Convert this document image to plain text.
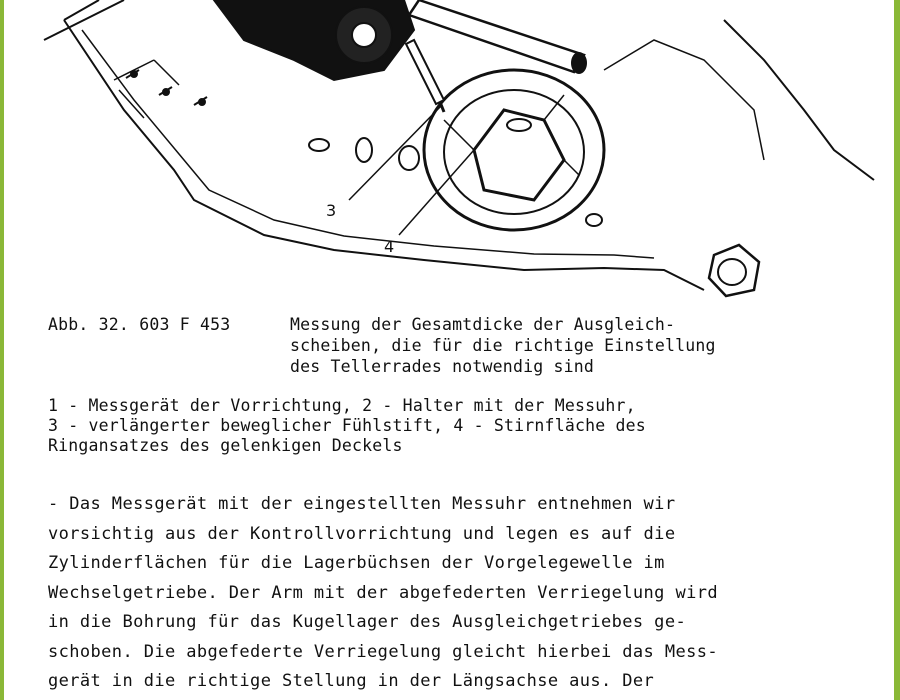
3
4
Abb. 32. 603 F 453	Messung der Gesamtdicke der Ausgleich-
scheiben, die für die richtige Einstellung
des Tellerrades notwendig sind
1 - Messgerät der Vorrichtung, 2 - Halter mit der Messuhr,
3 - verlängerter beweglicher Fühlstift, 4 - Stirnfläche des
Ringansatzes des gelenkigen Deckels
- Das Messgerät mit der eingestellten Messuhr entnehmen wir
vorsichtig aus der Kontrollvorrichtung und legen es auf die
Zylinderflächen für die Lagerbüchsen der Vorgelegewelle im
Wechselgetriebe. Der Arm mit der abgefederten Verriegelung wird
in die Bohrung für das Kugellager des Ausgleichgetriebes ge-
schoben. Die abgefederte Verriegelung gleicht hierbei das Mess-
gerät in die richtige Stellung in der Längsachse aus. Der
